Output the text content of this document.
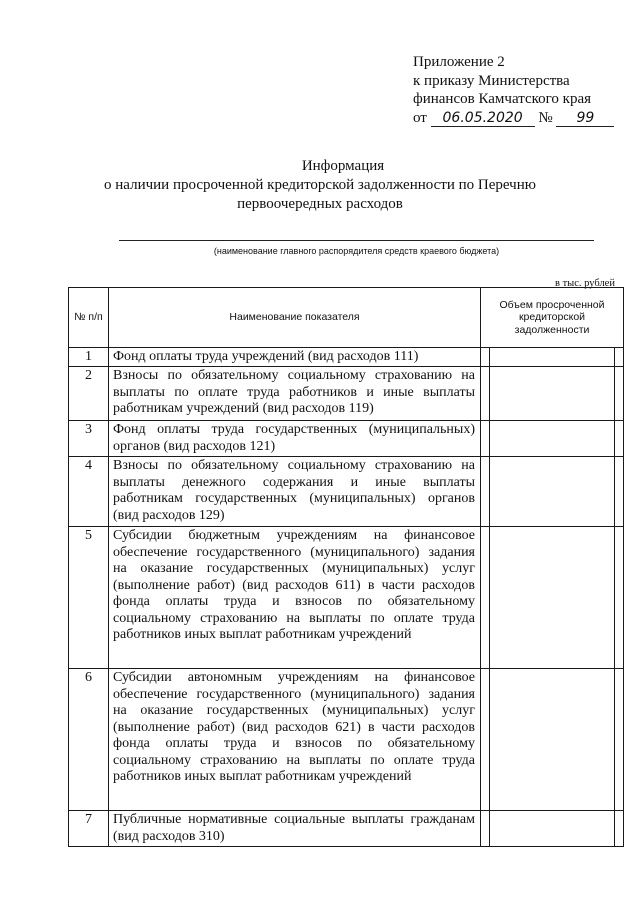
Приложение 2
к приказу Министерства
финансов Камчатского края
от 06.05.2020 № 99
Информация
о наличии просроченной кредиторской задолженности по Перечню
первоочередных расходов
(наименование главного распорядителя средств краевого бюджета)
в тыс. рублей
№ п/п	Наименование показателя	Объем просроченной кредиторской задолженности
1	Фонд оплаты труда учреждений (вид расходов 111)	

2	Взносы по обязательному социальному страхованию на выплаты по оплате труда работников и иные выплаты работникам учреждений (вид расходов 119)	

3	Фонд оплаты труда государственных (муниципальных) органов (вид расходов 121)	

4	Взносы по обязательному социальному страхованию на выплаты денежного содержания и иные выплаты работникам государственных (муниципальных) органов (вид расходов 129)	

5	Субсидии бюджетным учреждениям на финансовое обеспечение государственного (муниципального) задания на оказание государственных (муниципальных) услуг (выполнение работ) (вид расходов 611) в части расходов фонда оплаты труда и взносов по обязательному социальному страхованию на выплаты по оплате труда работников иных выплат работникам учреждений	

6	Субсидии автономным учреждениям на финансовое обеспечение государственного (муниципального) задания на оказание государственных (муниципальных) услуг (выполнение работ) (вид расходов 621) в части расходов фонда оплаты труда и взносов по обязательному социальному страхованию на выплаты по оплате труда работников иных выплат работникам учреждений	

7	Публичные нормативные социальные выплаты гражданам (вид расходов 310)	
